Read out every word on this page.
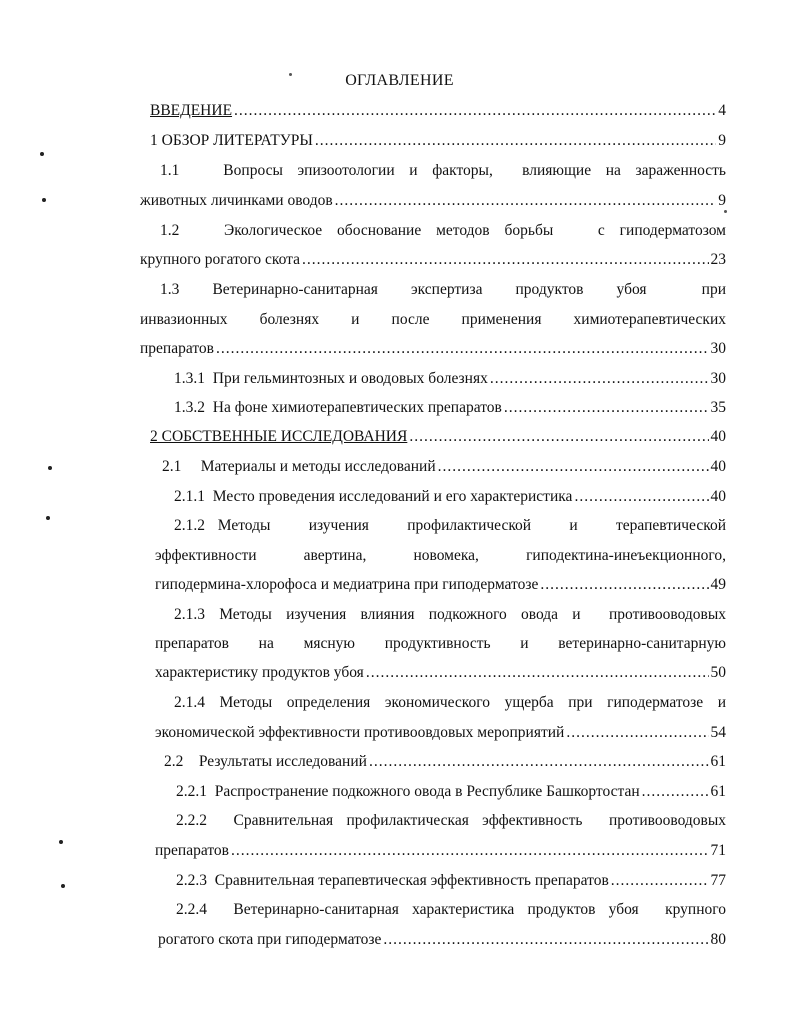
ОГЛАВЛЕНИЕ
ВВЕДЕНИЕ .....	4
1 ОБЗОР ЛИТЕРАТУРЫ .....	9
1.1   Вопросы эпизоотологии и факторы,  влияющие на зараженность
животных личинками оводов .....	9
1.2   Экологическое обоснование методов борьбы   с гиподерматозом
крупного рогатого скота .....	23
1.3   Ветеринарно-санитарная   экспертиза   продуктов   убоя     при
инвазионных   болезнях   и   после   применения   химиотерапевтических
препаратов .....	30
1.3.1  При гельминтозных и оводовых болезнях .....	30
1.3.2  На фоне химиотерапевтических препаратов .....	35
2 СОБСТВЕННЫЕ ИССЛЕДОВАНИЯ .....	40
2.1     Материалы и методы исследований .....	40
2.1.1  Место проведения исследований и его характеристика .....	40
2.1.2 Методы   изучения   профилактической   и   терапевтической
эффективности   авертина,   новомека,   гиподектина-инеъекционного,
гиподермина-хлорофоса и медиатрина при гиподерматозе .....	49
2.1.3 Методы изучения влияния подкожного овода и  противооводовых
препаратов   на   мясную   продуктивность   и   ветеринарно-санитарную
характеристику продуктов убоя .....	50
2.1.4 Методы определения экономического ущерба при гиподерматозе и
экономической эффективности противоовдовых мероприятий .....	54
2.2    Результаты исследований .....	61
2.2.1  Распространение подкожного овода в Республике Башкортостан .....	61
2.2.2  Сравнительная профилактическая эффективность  противооводовых
препаратов .....	71
2.2.3  Сравнительная терапевтическая эффективность препаратов .....	77
2.2.4  Ветеринарно-санитарная характеристика продуктов убоя  крупного
рогатого скота при гиподерматозе .....	80
